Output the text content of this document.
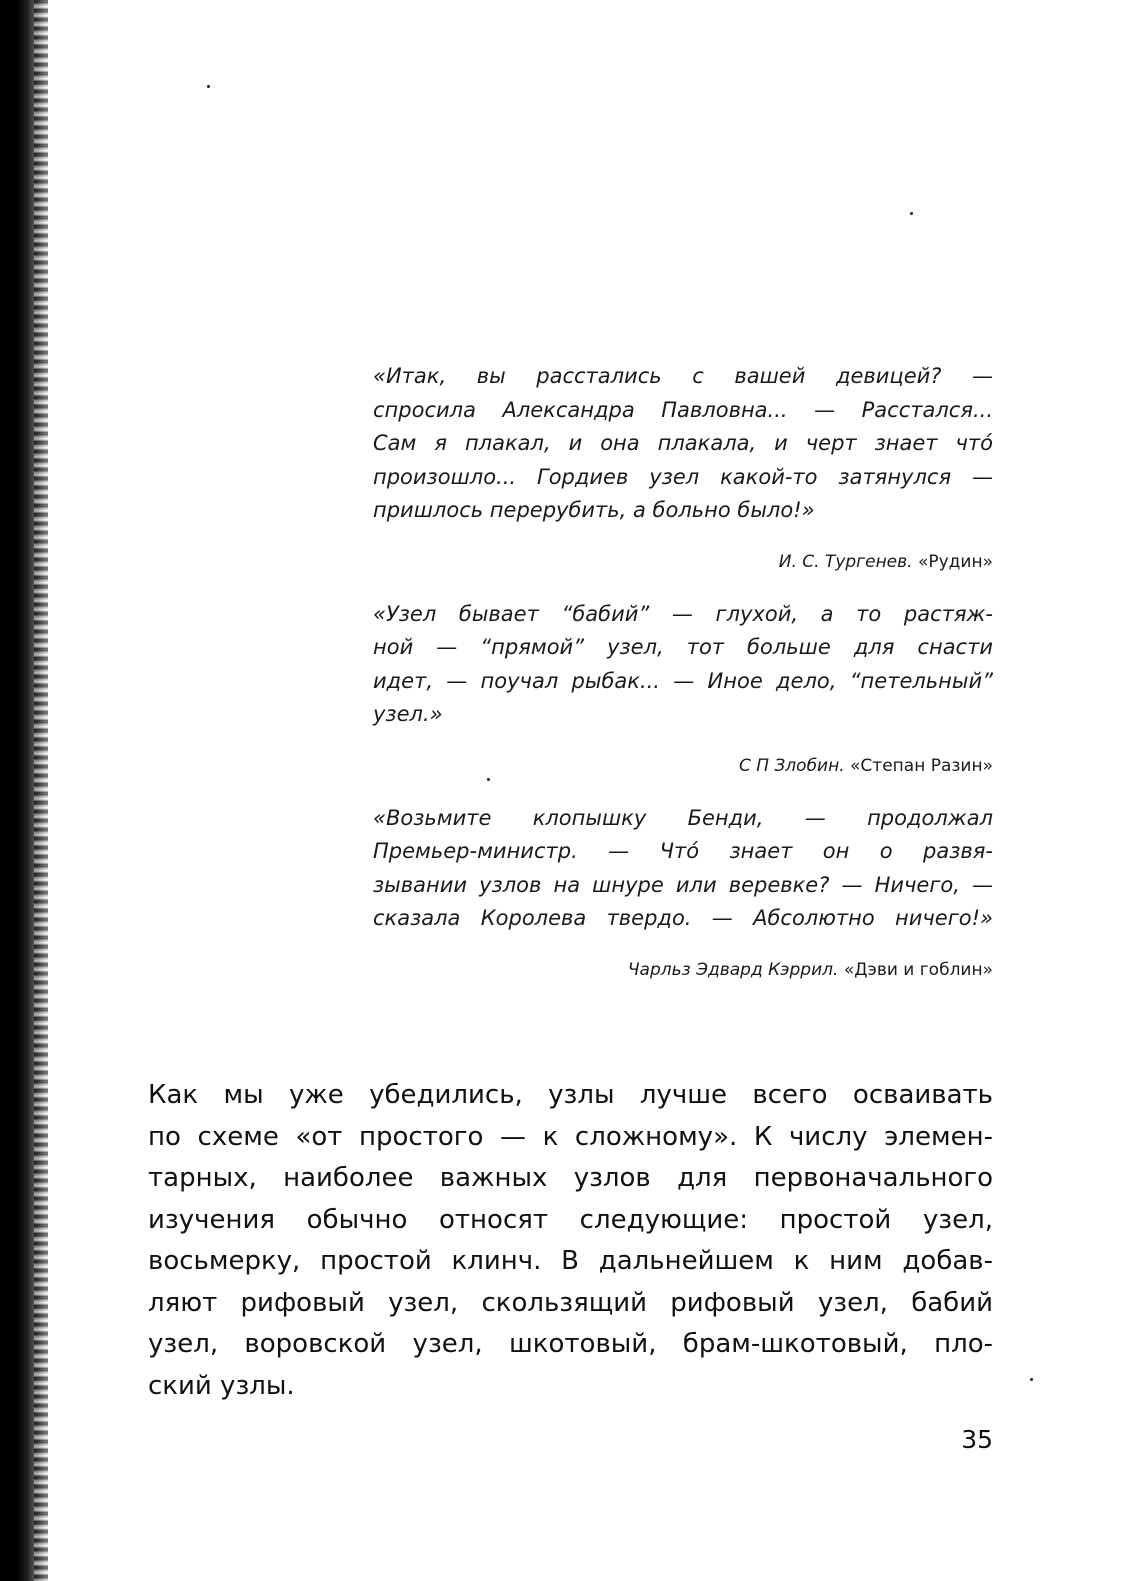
«Итак, вы расстались с вашей девицей? —
спросила Александра Павловна... — Расстался...
Сам я плакал, и она плакала, и черт знает что́
произошло... Гордиев узел какой-то затянулся —
пришлось перерубить, а больно было!»
И. С. Тургенев. «Рудин»
«Узел бывает “бабий” — глухой, а то растяж-
ной — “прямой” узел, тот больше для снасти
идет, — поучал рыбак... — Иное дело, “петельный”
узел.»
С П Злобин. «Степан Разин»
«Возьмите клопышку Бенди, — продолжал
Премьер-министр. — Что́ знает он о развя-
зывании узлов на шнуре или веревке? — Ничего, —
сказала Королева твердо. — Абсолютно ничего!»
Чарльз Эдвард Кэррил. «Дэви и гоблин»
Как мы уже убедились, узлы лучше всего осваивать
по схеме «от простого — к сложному». К числу элемен-
тарных, наиболее важных узлов для первоначального
изучения обычно относят следующие: простой узел,
восьмерку, простой клинч. В дальнейшем к ним добав-
ляют рифовый узел, скользящий рифовый узел, бабий
узел, воровской узел, шкотовый, брам-шкотовый, пло-
ский узлы.
35
